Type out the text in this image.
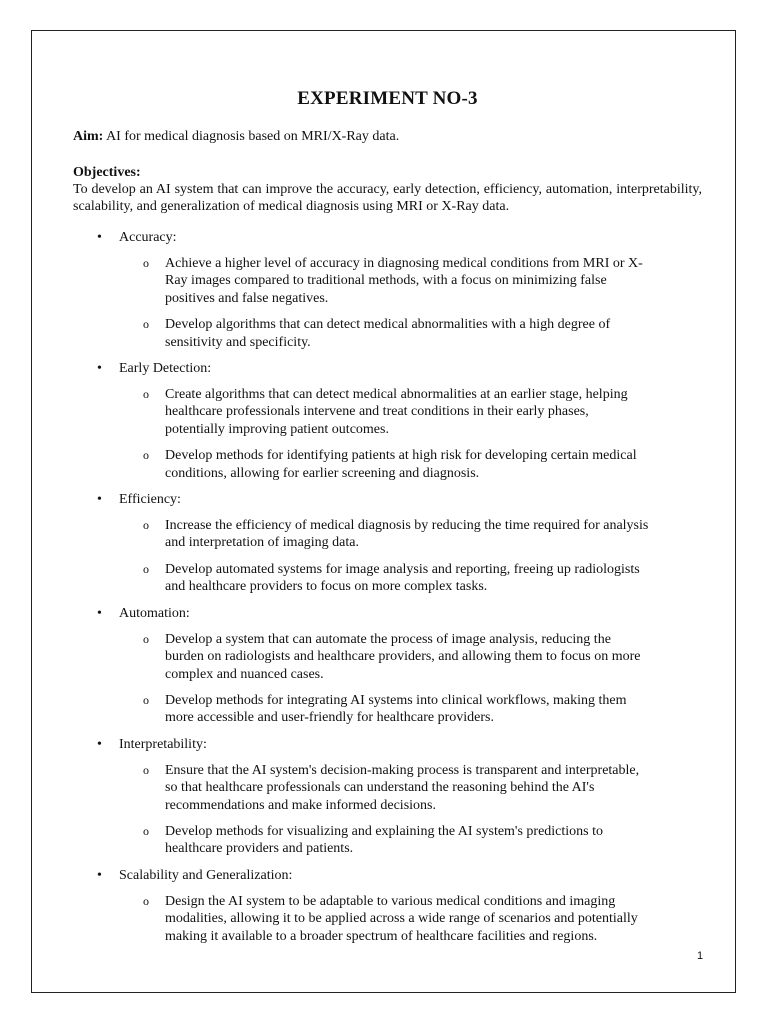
EXPERIMENT NO-3

Aim: AI for medical diagnosis based on MRI/X-Ray data.

Objectives:

To develop an AI system that can improve the accuracy, early detection, efficiency, automation, interpretability, scalability, and generalization of medical diagnosis using MRI or X-Ray data.

• Accuracy:
o Achieve a higher level of accuracy in diagnosing medical conditions from MRI or X-Ray images compared to traditional methods, with a focus on minimizing false positives and false negatives.
o Develop algorithms that can detect medical abnormalities with a high degree of sensitivity and specificity.
• Early Detection:
o Create algorithms that can detect medical abnormalities at an earlier stage, helping healthcare professionals intervene and treat conditions in their early phases, potentially improving patient outcomes.
o Develop methods for identifying patients at high risk for developing certain medical conditions, allowing for earlier screening and diagnosis.
• Efficiency:
o Increase the efficiency of medical diagnosis by reducing the time required for analysis and interpretation of imaging data.
o Develop automated systems for image analysis and reporting, freeing up radiologists and healthcare providers to focus on more complex tasks.
• Automation:
o Develop a system that can automate the process of image analysis, reducing the burden on radiologists and healthcare providers, and allowing them to focus on more complex and nuanced cases.
o Develop methods for integrating AI systems into clinical workflows, making them more accessible and user-friendly for healthcare providers.
• Interpretability:
o Ensure that the AI system's decision-making process is transparent and interpretable, so that healthcare professionals can understand the reasoning behind the AI's recommendations and make informed decisions.
o Develop methods for visualizing and explaining the AI system's predictions to healthcare providers and patients.
• Scalability and Generalization:
o Design the AI system to be adaptable to various medical conditions and imaging modalities, allowing it to be applied across a wide range of scenarios and potentially making it available to a broader spectrum of healthcare facilities and regions.
1
